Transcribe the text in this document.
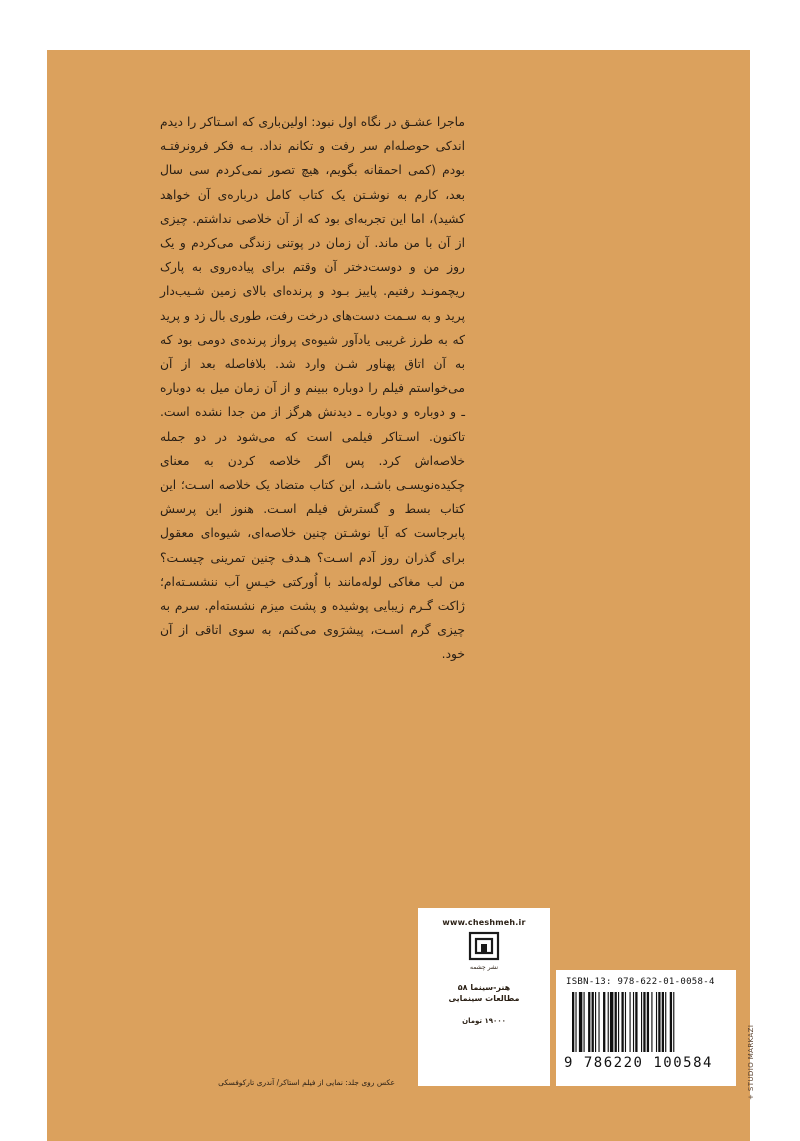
ماجرا عشـق در نگاه اول نبود: اولین‌باری که اسـتاکر را دیدم اندکی حوصله‌ام سر رفت و تکانم نداد. بـه فکر فرونرفتـه بودم (کمی احمقانه بگویم، هیچ تصور نمی‌کردم سی سال بعد، کارم به نوشـتن یک کتاب کامل درباره‌ی آن خواهد کشید)، اما این تجربه‌ای بود که از آن خلاصی نداشتم. چیزی از آن با من ماند. آن زمان در پوتنی زندگی می‌کردم و یک روز من و دوست‌دختر آن وقتم برای پیاده‌روی به پارک ریچمونـد رفتیم. پاییز بـود و پرنده‌ای بالای زمین شـیب‌دار پرید و به سـمت دست‌های درخت رفت، طوری بال زد و پرید که به طرز غریبی یادآور شیوه‌ی پرواز پرنده‌ی دومی بود که به آن اتاق پهناور شـن وارد شد. بلافاصله بعد از آن می‌خواستم فیلم را دوباره ببینم و از آن زمان میل به دوباره ـ و دوباره و دوباره ـ دیدنش هرگز از من جدا نشده است. تاکنون. اسـتاکر فیلمی است که می‌شود در دو جمله خلاصه‌اش کرد. پس اگر خلاصه کردن به معنای چکیده‌نویسـی باشـد، این کتاب متضاد یک خلاصه اسـت؛ این کتاب بسط و گسترش فیلم اسـت. هنوز این پرسش پابرجاست که آیا نوشـتن چنین خلاصه‌ای، شیوه‌ای معقول برای گذران روز آدم اسـت؟ هـدف چنین تمرینی چیسـت؟ من لب مغاکی لوله‌مانند با اُورکتی خیـسِ آب ننشسـته‌ام؛ ژاکت گـرم زیبایی پوشیده و پشت میزم نشسته‌ام. سرم به چیزی گرم اسـت، پیشرَوی می‌کنم، به سوی اتاقی از آن خود.

www.cheshmeh.ir
نشر چشمه
هنر-سینما ۵۸
مطالعات سینمایی
۱۹۰۰۰ تومان
ISBN-13: 978-622-01-0058-4
9 786220 100584	+ STUDIO MARKAZI
عکس روی جلد: نمایی از فیلم استاکر/ آندری تارکوفسکی
